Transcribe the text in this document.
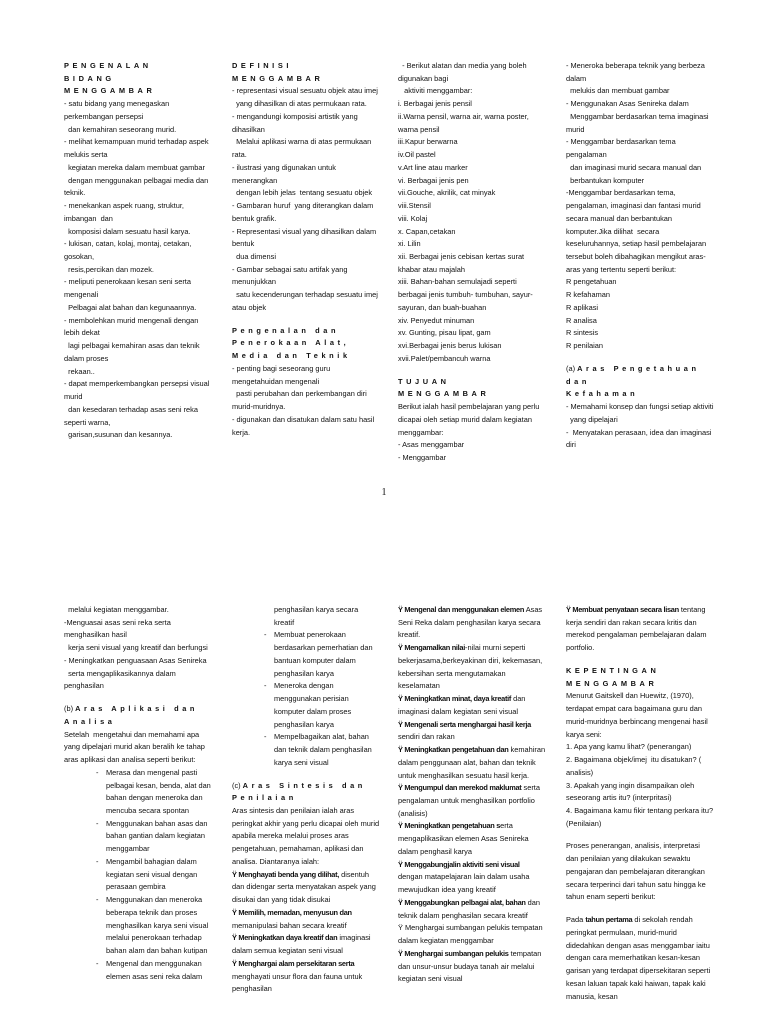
PENGENALAN
BIDANG
MENGGAMBAR

- satu bidang yang menegaskan perkembangan persepsi
dan kemahiran seseorang murid.
- melihat kemampuan murid terhadap aspek melukis serta
kegiatan mereka dalam membuat gambar
dengan menggunakan pelbagai media dan teknik.
- menekankan aspek ruang, struktur, imbangan  dan
komposisi dalam sesuatu hasil karya.
- lukisan, catan, kolaj, montaj, cetakan, gosokan,
resis,percikan dan mozek.
- meliputi penerokaan kesan seni serta mengenali
Pelbagai alat bahan dan kegunaannya.
- membolehkan murid mengenali dengan lebih dekat
lagi pelbagai kemahiran asas dan teknik dalam proses
rekaan..
- dapat memperkembangkan persepsi visual murid
dan kesedaran terhadap asas seni reka seperti warna,
garisan,susunan dan kesannya.

DEFINISI
MENGGAMBAR

- representasi visual sesuatu objek atau imej
yang dihasilkan di atas permukaan rata.
- mengandungi komposisi artistik yang dihasilkan
Melalui aplikasi warna di atas permukaan rata.
- ilustrasi yang digunakan untuk menerangkan
dengan lebih jelas  tentang sesuatu objek
- Gambaran huruf  yang diterangkan dalam bentuk grafik.
- Representasi visual yang dihasilkan dalam bentuk
dua dimensi
- Gambar sebagai satu artifak yang menunjukkan
satu kecenderungan terhadap sesuatu imej atau objek

Pengenalan dan
Penerokaan Alat,
Media dan Teknik

- penting bagi seseorang guru mengetahuidan mengenali
pasti perubahan dan perkembangan diri murid-muridnya.
- digunakan dan disatukan dalam satu hasil kerja.

- Berikut alatan dan media yang boleh digunakan bagi
aktiviti menggambar:
i. Berbagai jenis pensil
ii.Warna pensil, warna air, warna poster, warna pensil
iii.Kapur berwarna
iv.Oil pastel
v.Art line atau marker
vi. Berbagai jenis pen
vii.Gouche, akrilik, cat minyak
viii.Stensil
viii. Kolaj
x. Capan,cetakan
xi. Lilin
xii. Berbagai jenis cebisan kertas surat khabar atau majalah
xiii. Bahan-bahan semulajadi seperti berbagai jenis tumbuh- tumbuhan, sayur-sayuran, dan buah-buahan
xiv. Penyedut minuman
xv. Gunting, pisau lipat, gam
xvi.Berbagai jenis berus lukisan
xvii.Palet/pembancuh warna

TUJUAN
MENGGAMBAR

Berikut ialah hasil pembelajaran yang perlu dicapai oleh setiap murid dalam kegiatan menggambar:
- Asas menggambar
- Menggambar

- Meneroka beberapa teknik yang berbeza dalam
melukis dan membuat gambar
- Menggunakan Asas Senireka dalam
Menggambar berdasarkan tema imaginasi murid
- Menggambar berdasarkan tema pengalaman
dan imaginasi murid secara manual dan
berbantukan komputer
-Menggambar berdasarkan tema, pengalaman, imaginasi dan fantasi murid secara manual dan berbantukan komputer.Jika dilihat  secara keseluruhannya, setiap hasil pembelajaran tersebut boleh dibahagikan mengikut aras-aras yang tertentu seperti berikut:
R pengetahuan
R kefahaman
R aplikasi
R analisa
R sintesis
R penilaian

(a) Aras Pengetahuan
dan
Kefahaman

- Memahami konsep dan fungsi setiap aktiviti
yang dipelajari
-  Menyatakan perasaan, idea dan imaginasi diri

1

melalui kegiatan menggambar.
-Menguasai asas seni reka serta menghasilkan hasil
kerja seni visual yang kreatif dan berfungsi
- Meningkatkan penguasaan Asas Senireka
serta mengaplikasikannya dalam penghasilan

(b) Aras Aplikasi dan
Analisa

Setelah  mengetahui dan memahami apa yang dipelajari murid akan beralih ke tahap aras aplikasi dan analisa seperti berikut:

- Merasa dan mengenal pasti pelbagai kesan, benda, alat dan bahan dengan meneroka dan mencuba secara spontan

- Menggunakan bahan asas dan bahan gantian dalam kegiatan menggambar

- Mengambil bahagian dalam kegiatan seni visual dengan perasaan gembira

- Menggunakan dan meneroka beberapa teknik dan proses menghasilkan karya seni visual melalui penerokaan terhadap bahan alam dan bahan kutipan

- Mengenal dan menggunakan elemen asas seni reka dalam

penghasilan karya secara kreatif

- Membuat penerokaan berdasarkan pemerhatian dan bantuan komputer dalam penghasilan karya

- Meneroka dengan menggunakan perisian komputer dalam proses penghasilan karya

- Mempelbagaikan alat, bahan dan teknik dalam penghasilan karya seni visual

(c) Aras Sintesis dan
Penilaian

Aras sintesis dan penilaian ialah aras peringkat akhir yang perlu dicapai oleh murid apabila mereka melalui proses aras pengetahuan, pemahaman, aplikasi dan analisa. Diantaranya ialah:

Ÿ Menghayati benda yang dilihat, disentuh dan didengar serta menyatakan aspek yang disukai dan yang tidak disukai

Ÿ Memilih, memadan, menyusun dan memanipulasi bahan secara kreatif

Ÿ Meningkatkan daya kreatif dan imaginasi dalam semua kegiatan seni visual

Ÿ Menghargai alam persekitaran serta menghayati unsur flora dan fauna untuk penghasilan

Ÿ Mengenal dan menggunakan elemen Asas Seni Reka dalam penghasilan karya secara kreatif.

Ÿ Mengamalkan nilai-nilai murni seperti bekerjasama,berkeyakinan diri, kekemasan, kebersihan serta mengutamakan keselamatan

Ÿ Meningkatkan minat, daya kreatif dan imaginasi dalam kegiatan seni visual

Ÿ Mengenali serta menghargai hasil kerja sendiri dan rakan

Ÿ Meningkatkan pengetahuan dan kemahiran dalam penggunaan alat, bahan dan teknik untuk menghasilkan sesuatu hasil kerja.

Ÿ Mengumpul dan merekod maklumat serta pengalaman untuk menghasilkan portfolio (analisis)

Ÿ Meningkatkan pengetahuan serta mengaplikasikan elemen Asas Senireka dalam penghasil karya

Ÿ Menggabungjalin aktiviti seni visual dengan matapelajaran lain dalam usaha mewujudkan idea yang kreatif

Ÿ Menggabungkan pelbagai alat, bahan dan teknik dalam penghasilan secara kreatif

Ÿ Menghargai sumbangan pelukis tempatan dalam kegiatan menggambar

Ÿ Menghargai sumbangan pelukis tempatan dan unsur-unsur budaya tanah air melalui kegiatan seni visual

Ÿ Membuat penyataan secara lisan tentang kerja sendiri dan rakan secara kritis dan merekod pengalaman pembelajaran dalam portfolio.

KEPENTINGAN
MENGGAMBAR

Menurut Gaitskell dan Huewitz, (1970), terdapat empat cara bagaimana guru dan murid-muridnya berbincang mengenai hasil karya seni:
1. Apa yang kamu lihat? (penerangan)
2. Bagaimana objek/imej  itu disatukan? ( analisis)
3. Apakah yang ingin disampaikan oleh seseorang artis itu? (interpritasi)
4. Bagaimana kamu fikir tentang perkara itu? (Penilaian)

Proses penerangan, analisis, interpretasi dan penilaian yang dilakukan sewaktu pengajaran dan pembelajaran diterangkan secara terperinci dari tahun satu hingga ke tahun enam seperti berikut:

Pada tahun pertama di sekolah rendah peringkat permulaan, murid-murid didedahkan dengan asas menggambar iaitu dengan cara memerhatikan kesan-kesan garisan yang terdapat dipersekitaran seperti kesan laluan tapak kaki haiwan, tapak kaki manusia, kesan
